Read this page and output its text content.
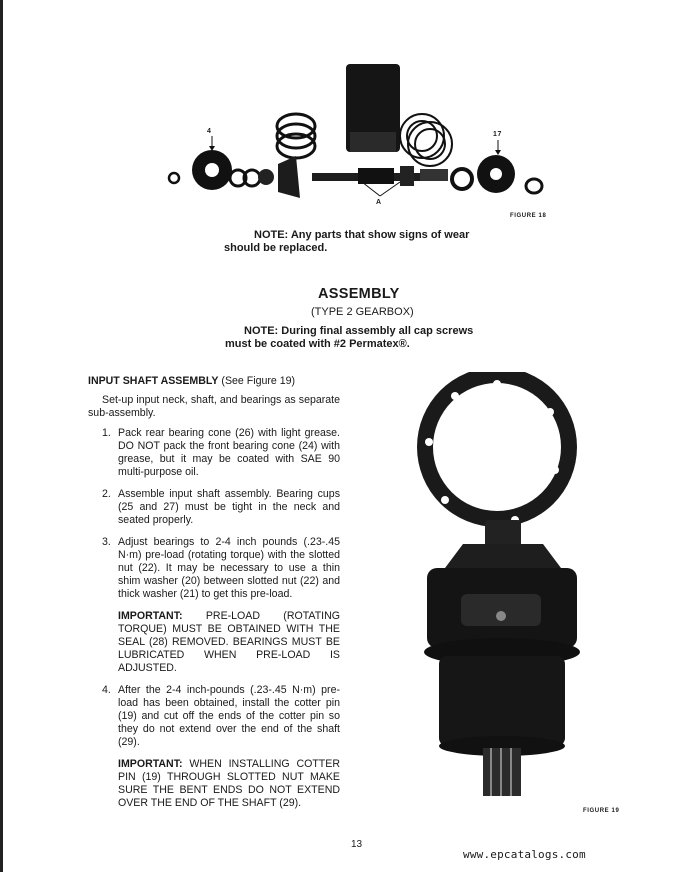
4	17
A
FIGURE 18
NOTE: Any parts that show signs of wear
should be replaced.
ASSEMBLY
(TYPE 2 GEARBOX)
NOTE: During final assembly all cap screws
must be coated with #2 Permatex®.
INPUT SHAFT ASSEMBLY (See Figure 19)
Set-up input neck, shaft, and bearings as separate sub-assembly.
1. Pack rear bearing cone (26) with light grease. DO NOT pack the front bearing cone (24) with grease, but it may be coated with SAE 90 multi-purpose oil.
2. Assemble input shaft assembly. Bearing cups (25 and 27) must be tight in the neck and seated properly.
3. Adjust bearings to 2-4 inch pounds (.23-.45 N·m) pre-load (rotating torque) with the slotted nut (22). It may be necessary to use a thin shim washer (20) between slotted nut (22) and thick washer (21) to get this pre-load.
IMPORTANT: PRE-LOAD (ROTATING TORQUE) MUST BE OBTAINED WITH THE SEAL (28) REMOVED. BEARINGS MUST BE LUBRICATED WHEN PRE-LOAD IS ADJUSTED.
4. After the 2-4 inch-pounds (.23-.45 N·m) pre-load has been obtained, install the cotter pin (19) and cut off the ends of the cotter pin so they do not extend over the end of the shaft (29).
IMPORTANT: WHEN INSTALLING COTTER PIN (19) THROUGH SLOTTED NUT MAKE SURE THE BENT ENDS DO NOT EXTEND OVER THE END OF THE SHAFT (29).
FIGURE 19
13
www.epcatalogs.com
